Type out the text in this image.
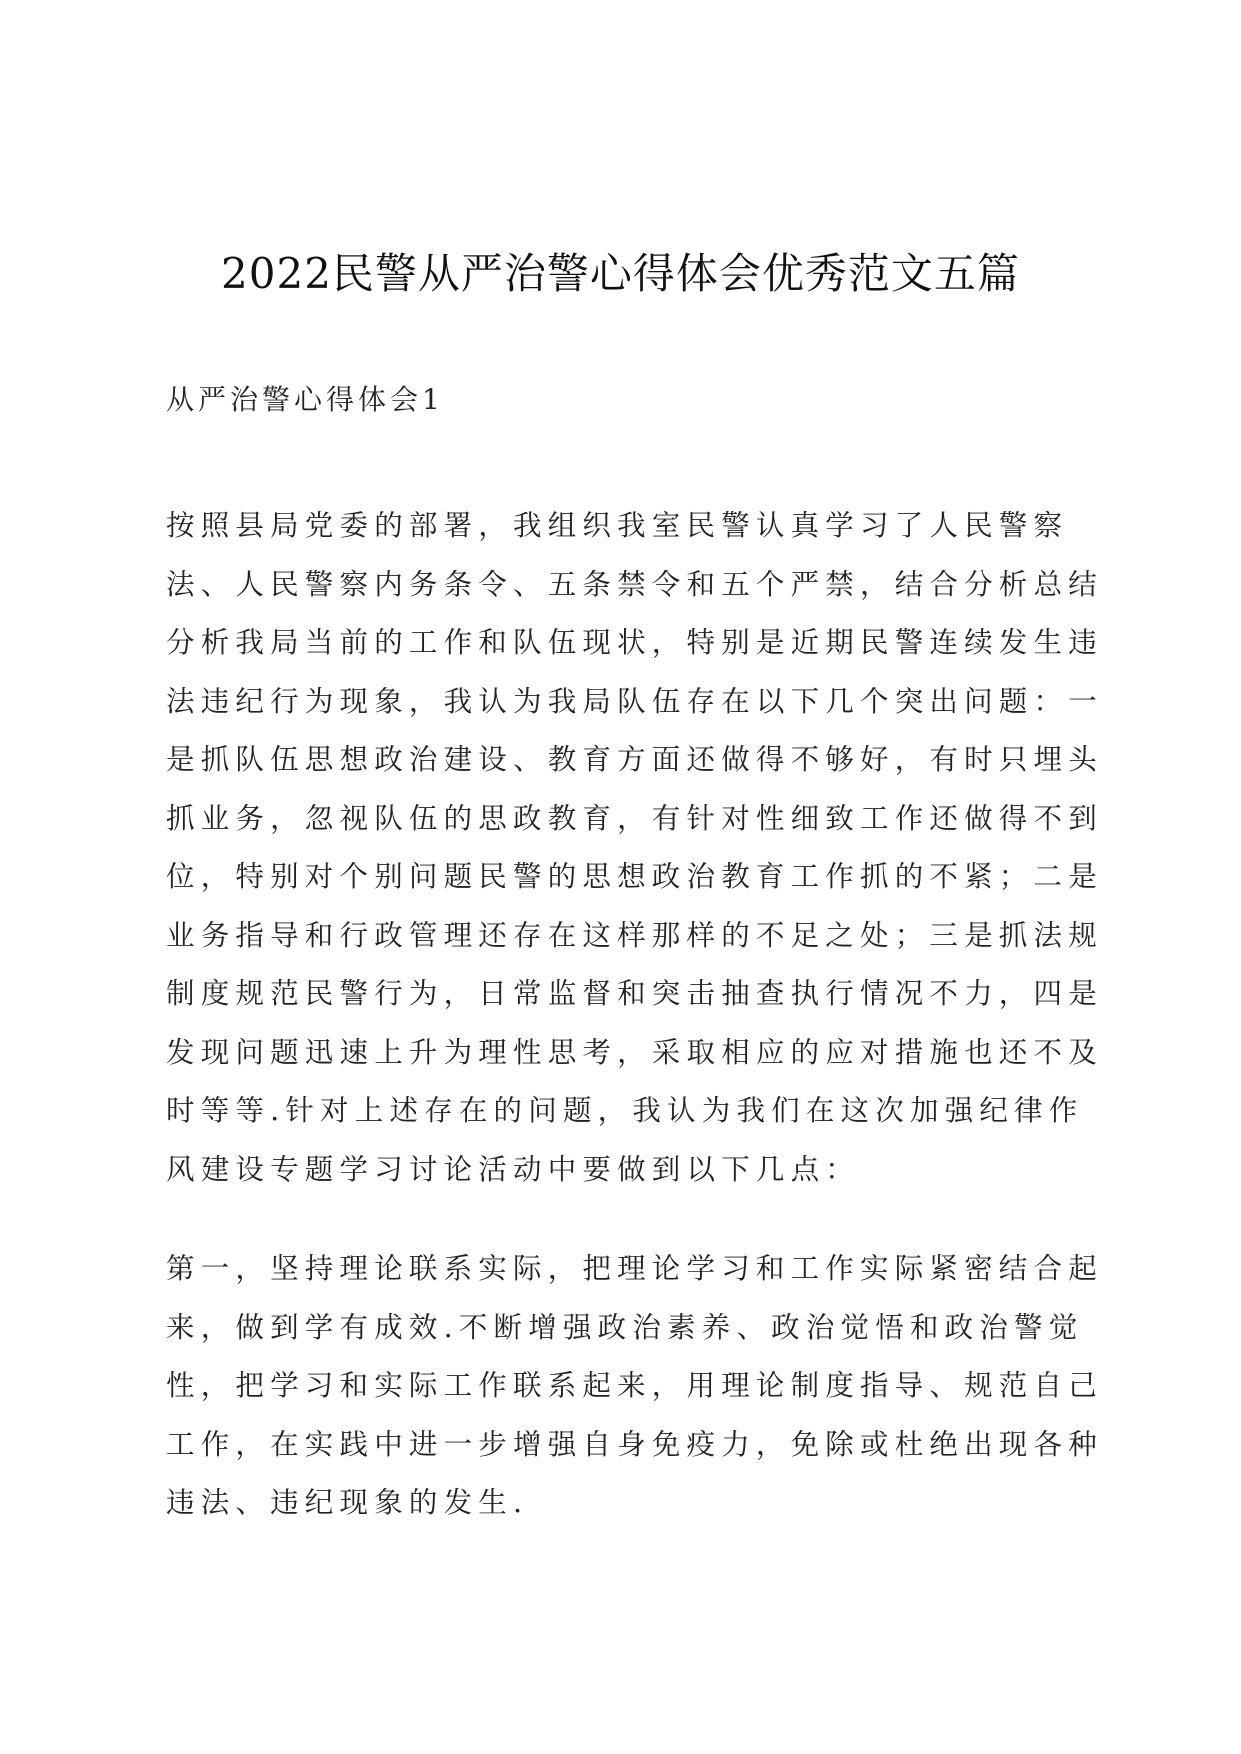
2022民警从严治警心得体会优秀范文五篇
从严治警心得体会1
按照县局党委的部署，我组织我室民警认真学习了人民警察
法、人民警察内务条令、五条禁令和五个严禁，结合分析总结
分析我局当前的工作和队伍现状，特别是近期民警连续发生违
法违纪行为现象，我认为我局队伍存在以下几个突出问题：一
是抓队伍思想政治建设、教育方面还做得不够好，有时只埋头
抓业务，忽视队伍的思政教育，有针对性细致工作还做得不到
位，特别对个别问题民警的思想政治教育工作抓的不紧；二是
业务指导和行政管理还存在这样那样的不足之处；三是抓法规
制度规范民警行为，日常监督和突击抽查执行情况不力，四是
发现问题迅速上升为理性思考，采取相应的应对措施也还不及
时等等.针对上述存在的问题，我认为我们在这次加强纪律作
风建设专题学习讨论活动中要做到以下几点：
第一，坚持理论联系实际，把理论学习和工作实际紧密结合起
来，做到学有成效.不断增强政治素养、政治觉悟和政治警觉
性，把学习和实际工作联系起来，用理论制度指导、规范自己
工作，在实践中进一步增强自身免疫力，免除或杜绝出现各种
违法、违纪现象的发生.
